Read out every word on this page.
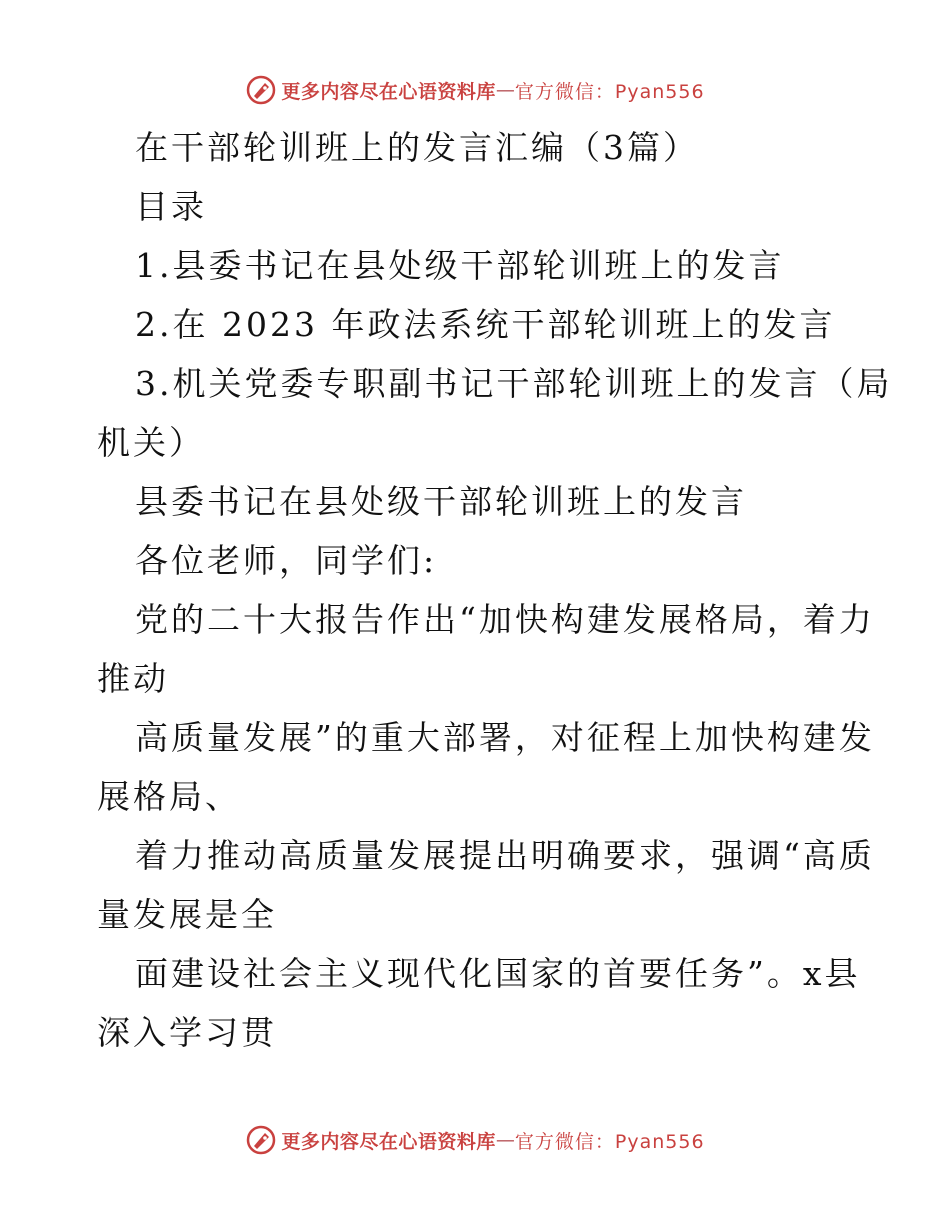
更多内容尽在心语资料库 — 官方微信：Pyan556
在干部轮训班上的发言汇编（3篇）
目录
1.县委书记在县处级干部轮训班上的发言
2.在 2023 年政法系统干部轮训班上的发言
3.机关党委专职副书记干部轮训班上的发言（局
机关）
县委书记在县处级干部轮训班上的发言
各位老师，同学们:
党的二十大报告作出“加快构建发展格局，着力
推动
高质量发展”的重大部署，对征程上加快构建发
展格局、
着力推动高质量发展提出明确要求，强调“高质
量发展是全
面建设社会主义现代化国家的首要任务”。x县
深入学习贯
更多内容尽在心语资料库 — 官方微信：Pyan556
